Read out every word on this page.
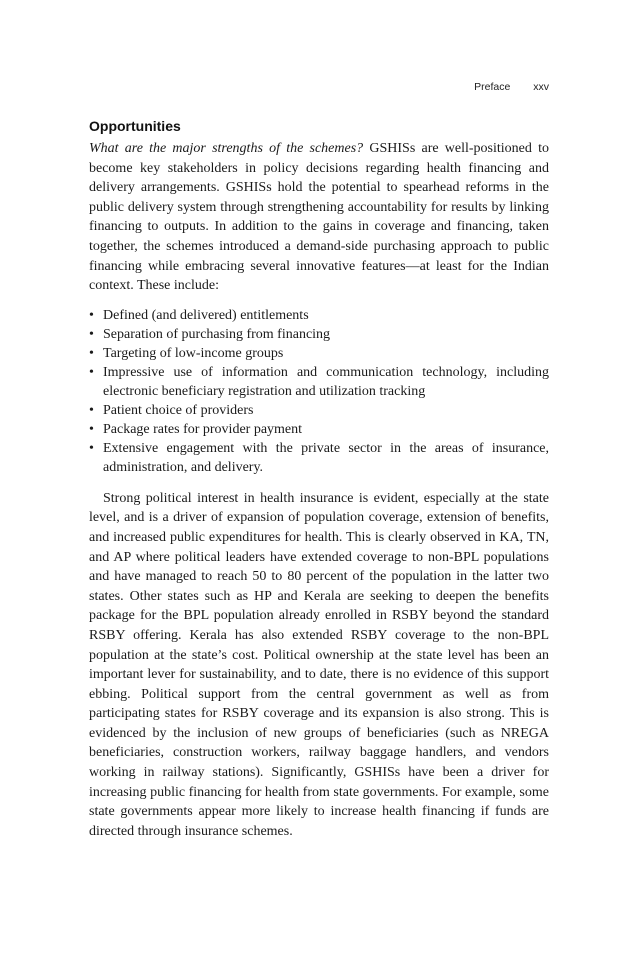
Preface xxv
Opportunities

What are the major strengths of the schemes? GSHISs are well-positioned to become key stakeholders in policy decisions regarding health financing and delivery arrangements. GSHISs hold the potential to spearhead reforms in the public delivery system through strengthening accountability for results by linking financing to outputs. In addition to the gains in coverage and financing, taken together, the schemes introduced a demand-side purchasing approach to public financing while embracing several innovative features—at least for the Indian context. These include:

• Defined (and delivered) entitlements
• Separation of purchasing from financing
• Targeting of low-income groups
• Impressive use of information and communication technology, including electronic beneficiary registration and utilization tracking
• Patient choice of providers
• Package rates for provider payment
• Extensive engagement with the private sector in the areas of insurance, administration, and delivery.

Strong political interest in health insurance is evident, especially at the state level, and is a driver of expansion of population coverage, extension of benefits, and increased public expenditures for health. This is clearly observed in KA, TN, and AP where political leaders have extended coverage to non-BPL populations and have managed to reach 50 to 80 percent of the population in the latter two states. Other states such as HP and Kerala are seeking to deepen the benefits package for the BPL population already enrolled in RSBY beyond the standard RSBY offering. Kerala has also extended RSBY coverage to the non-BPL population at the state’s cost. Political ownership at the state level has been an important lever for sustainability, and to date, there is no evidence of this support ebbing. Political support from the central government as well as from participating states for RSBY coverage and its expansion is also strong. This is evidenced by the inclusion of new groups of beneficiaries (such as NREGA beneficiaries, construction workers, railway baggage handlers, and vendors working in railway stations). Significantly, GSHISs have been a driver for increasing public financing for health from state governments. For example, some state governments appear more likely to increase health financing if funds are directed through insurance schemes.
